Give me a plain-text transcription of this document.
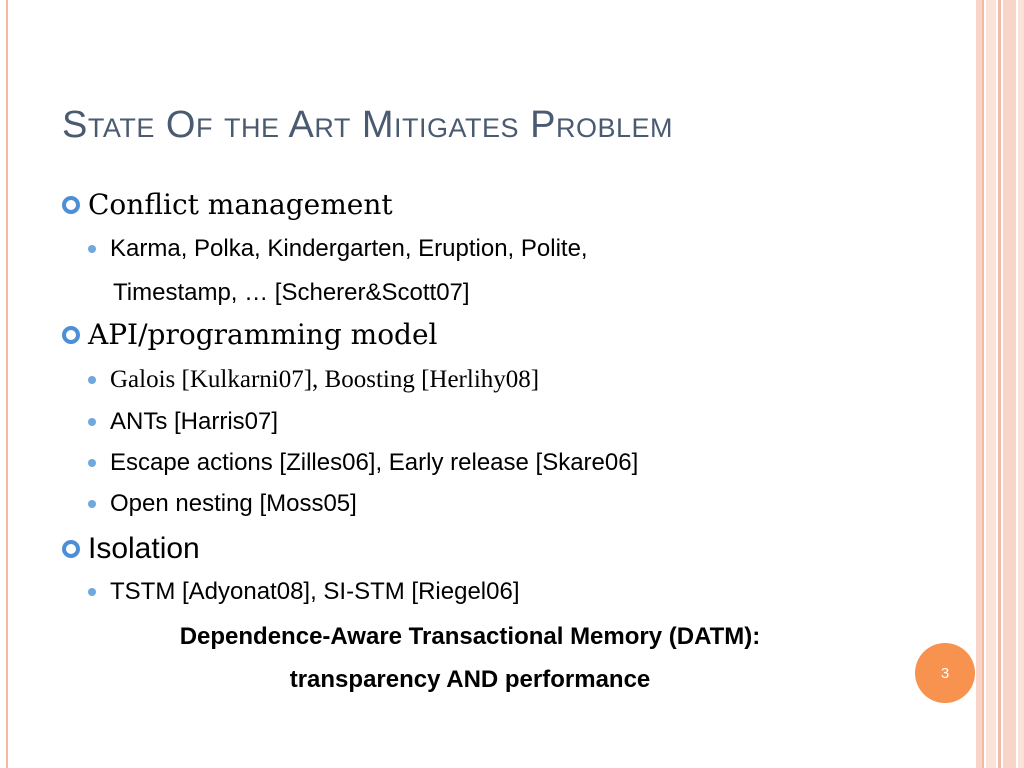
State Of the Art Mitigates Problem
Conflict management
Karma, Polka, Kindergarten, Eruption, Polite,
Timestamp, … [Scherer&Scott07]
API/programming model
Galois [Kulkarni07], Boosting [Herlihy08]
ANTs [Harris07]
Escape actions [Zilles06], Early release [Skare06]
Open nesting [Moss05]
Isolation
TSTM [Adyonat08], SI-STM [Riegel06]
Dependence-Aware Transactional Memory (DATM):
transparency AND performance	3
